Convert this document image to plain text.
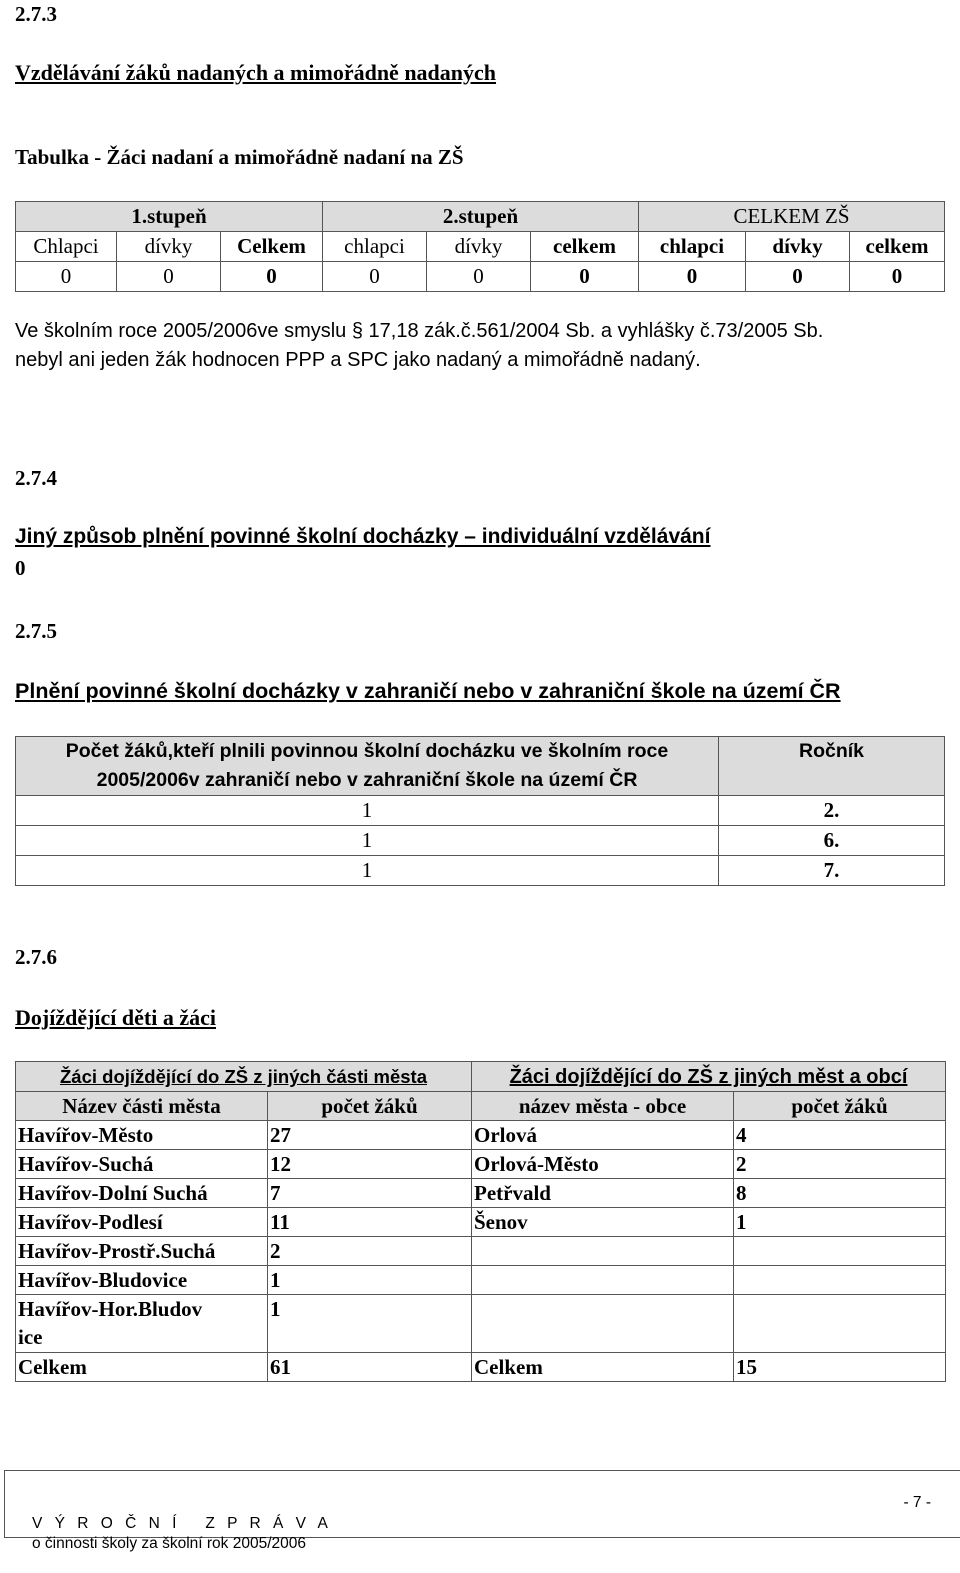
2.7.3
Vzdělávání žáků nadaných a mimořádně nadaných
Tabulka - Žáci nadaní a mimořádně nadaní na ZŠ
1.stupeň			2.stupeň			CELKEM ZŠ		
Chlapci	dívky	Celkem	chlapci	dívky	celkem	chlapci	dívky	celkem
0	0	0	0	0	0	0	0	0
Ve školním roce 2005/2006ve smyslu § 17,18 zák.č.561/2004 Sb. a vyhlášky č.73/2005 Sb.
nebyl ani jeden žák hodnocen PPP a SPC jako nadaný a mimořádně nadaný.
2.7.4
Jiný způsob plnění povinné školní docházky – individuální vzdělávání
0
2.7.5
Plnění povinné školní docházky v zahraničí nebo v zahraniční škole na území ČR
Počet žáků,kteří plnili povinnou školní docházku ve školním roce
2005/2006v zahraničí nebo v zahraniční škole na území ČR	Ročník
1	2.
1	6.
1	7.
2.7.6
Dojíždějící děti a žáci
Žáci dojíždějící do ZŠ z jiných části města		Žáci dojíždějící do ZŠ z jiných měst a obcí	
Název části města	počet žáků	název města - obce	počet žáků
Havířov-Město	27	Orlová	4
Havířov-Suchá	12	Orlová-Město	2
Havířov-Dolní Suchá	7	Petřvald	8
Havířov-Podlesí	11	Šenov	1
Havířov-Prostř.Suchá	2		
Havířov-Bludovice	1		
Havířov-Hor.Bludovice	1		
Celkem	61	Celkem	15

V Ý R O Č N Í   Z P R Á V A
o činnosti školy za školní rok 2005/2006

- 7 -
